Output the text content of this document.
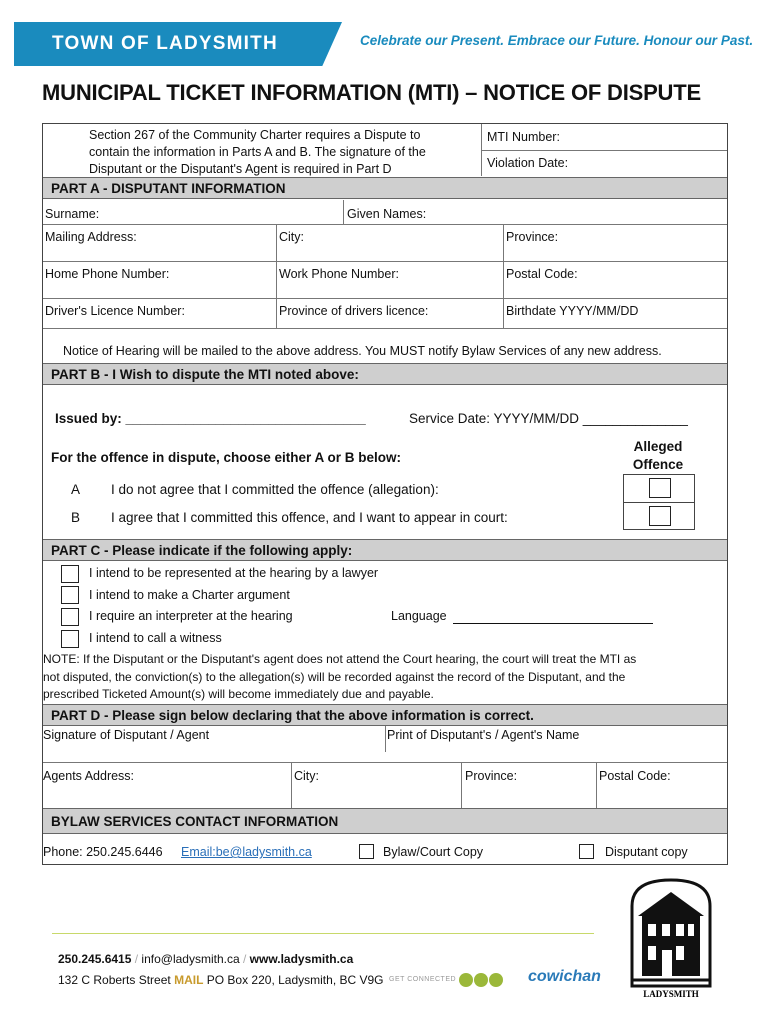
TOWN OF LADYSMITH	Celebrate our Present. Embrace our Future. Honour our Past.
MUNICIPAL TICKET INFORMATION (MTI) – NOTICE OF DISPUTE
Section 267 of the Community Charter requires a Dispute to
contain the information in Parts A and B. The signature of the
Disputant or the Disputant's Agent is required in Part D
MTI Number:
Violation Date:
PART A - DISPUTANT INFORMATION
Surname:	Given Names:
Mailing Address:	City:	Province:
Home Phone Number:	Work Phone Number:	Postal Code:
Driver's Licence Number:	Province of drivers licence:	Birthdate YYYY/MM/DD
Notice of Hearing will be mailed to the above address. You MUST notify Bylaw Services of any new address.
PART B - I Wish to dispute the MTI noted above:
Issued by: ________________________________	Service Date: YYYY/MM/DD ______________
For the offence in dispute, choose either A or B below:
Alleged
Offence
A I do not agree that I committed the offence (allegation):
B I agree that I committed this offence, and I want to appear in court:
PART C - Please indicate if the following apply:
I intend to be represented at the hearing by a lawyer
I intend to make a Charter argument
I require an interpreter at the hearing	Language
I intend to call a witness
NOTE: If the Disputant or the Disputant's agent does not attend the Court hearing, the court will treat the MTI as
not disputed, the conviction(s) to the allegation(s) will be recorded against the record of the Disputant, and the
prescribed Ticketed Amount(s) will become immediately due and payable.
PART D - Please sign below declaring that the above information is correct.
Signature of Disputant / Agent	Print of Disputant's / Agent's Name
Agents Address:	City:	Province:	Postal Code:
BYLAW SERVICES CONTACT INFORMATION
Phone: 250.245.6446 Email:be@ladysmith.ca	Bylaw/Court Copy	Disputant copy
250.245.6415 / info@ladysmith.ca / www.ladysmith.ca
132 C Roberts Street MAIL PO Box 220, Ladysmith, BC V9G GET CONNECTED	cowichan
LADYSMITH
